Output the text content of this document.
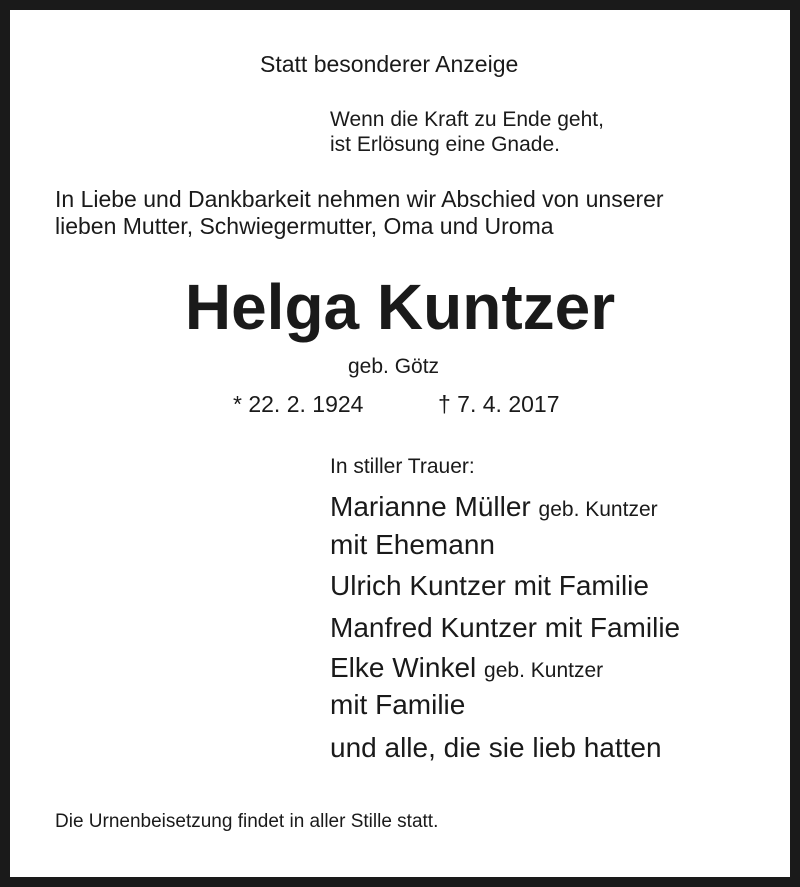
Statt besonderer Anzeige

Wenn die Kraft zu Ende geht,

ist Erlösung eine Gnade.

In Liebe und Dankbarkeit nehmen wir Abschied von unserer

lieben Mutter, Schwiegermutter, Oma und Uroma

Helga Kuntzer

geb. Götz

* 22. 2. 1924	† 7. 4. 2017

In stiller Trauer:

Marianne Müller geb. Kuntzer

mit Ehemann

Ulrich Kuntzer mit Familie

Manfred Kuntzer mit Familie

Elke Winkel geb. Kuntzer

mit Familie

und alle, die sie lieb hatten

Die Urnenbeisetzung findet in aller Stille statt.
